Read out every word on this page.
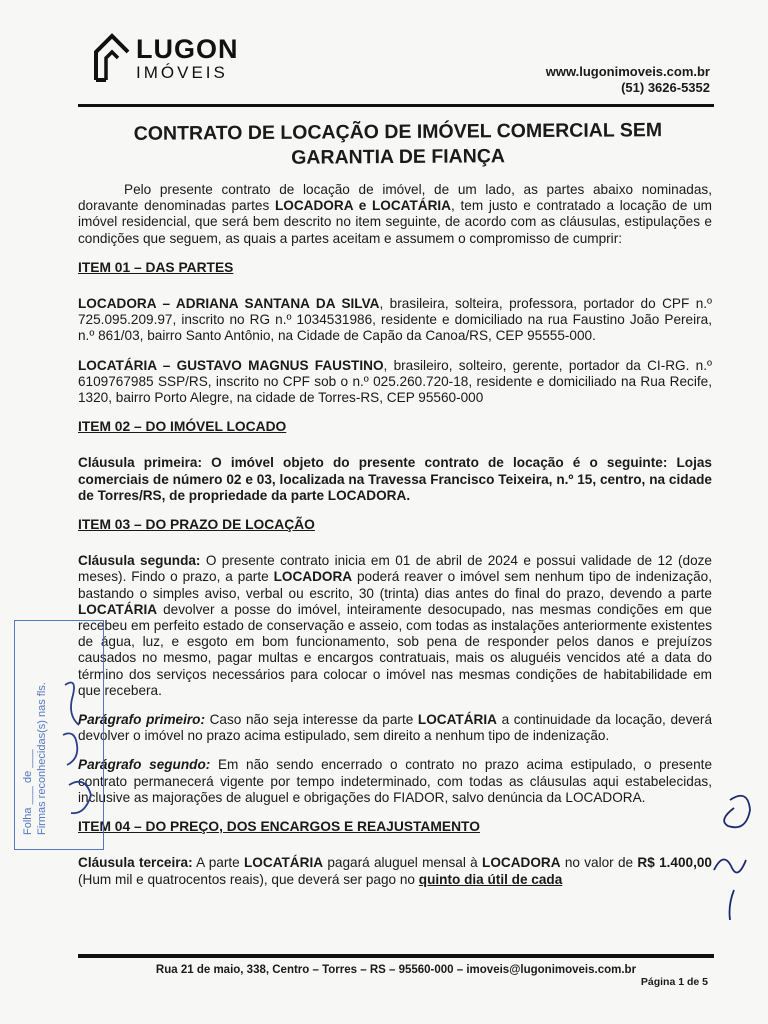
LUGON
IMÓVEIS	www.lugonimoveis.com.br
(51) 3626-5352
CONTRATO DE LOCAÇÃO DE IMÓVEL COMERCIAL SEM
GARANTIA DE FIANÇA

Pelo presente contrato de locação de imóvel, de um lado, as partes abaixo nominadas, doravante denominadas partes LOCADORA e LOCATÁRIA, tem justo e contratado a locação de um imóvel residencial, que será bem descrito no item seguinte, de acordo com as cláusulas, estipulações e condições que seguem, as quais a partes aceitam e assumem o compromisso de cumprir:

ITEM 01 – DAS PARTES

LOCADORA – ADRIANA SANTANA DA SILVA, brasileira, solteira, professora, portador do CPF n.º 725.095.209.97, inscrito no RG n.º 1034531986, residente e domiciliado na rua Faustino João Pereira, n.º 861/03, bairro Santo Antônio, na Cidade de Capão da Canoa/RS, CEP 95555-000.

LOCATÁRIA – GUSTAVO MAGNUS FAUSTINO, brasileiro, solteiro, gerente, portador da CI-RG. n.º 6109767985 SSP/RS, inscrito no CPF sob o n.º 025.260.720-18, residente e domiciliado na Rua Recife, 1320, bairro Porto Alegre, na cidade de Torres-RS, CEP 95560-000

ITEM 02 – DO IMÓVEL LOCADO

Cláusula primeira: O imóvel objeto do presente contrato de locação é o seguinte: Lojas comerciais de número 02 e 03, localizada na Travessa Francisco Teixeira, n.º 15, centro, na cidade de Torres/RS, de propriedade da parte LOCADORA.

ITEM 03 – DO PRAZO DE LOCAÇÃO

Cláusula segunda: O presente contrato inicia em 01 de abril de 2024 e possui validade de 12 (doze meses). Findo o prazo, a parte LOCADORA poderá reaver o imóvel sem nenhum tipo de indenização, bastando o simples aviso, verbal ou escrito, 30 (trinta) dias antes do final do prazo, devendo a parte LOCATÁRIA devolver a posse do imóvel, inteiramente desocupado, nas mesmas condições em que recebeu em perfeito estado de conservação e asseio, com todas as instalações anteriormente existentes de água, luz, e esgoto em bom funcionamento, sob pena de responder pelos danos e prejuízos causados no mesmo, pagar multas e encargos contratuais, mais os aluguéis vencidos até a data do término dos serviços necessários para colocar o imóvel nas mesmas condições de habitabilidade em que recebera.

Parágrafo primeiro: Caso não seja interesse da parte LOCATÁRIA a continuidade da locação, deverá devolver o imóvel no prazo acima estipulado, sem direito a nenhum tipo de indenização.

Parágrafo segundo: Em não sendo encerrado o contrato no prazo acima estipulado, o presente contrato permanecerá vigente por tempo indeterminado, com todas as cláusulas aqui estabelecidas, inclusive as majorações de aluguel e obrigações do FIADOR, salvo denúncia da LOCADORA.

ITEM 04 – DO PREÇO, DOS ENCARGOS E REAJUSTAMENTO

Cláusula terceira: A parte LOCATÁRIA pagará aluguel mensal à LOCADORA no valor de R$ 1.400,00 (Hum mil e quatrocentos reais), que deverá ser pago no quinto dia útil de cada

Folha ___ de ___ Firmas reconhecidas(s) nas fls.
Rua 21 de maio, 338, Centro – Torres – RS – 95560-000 – imoveis@lugonimoveis.com.br
Página 1 de 5
